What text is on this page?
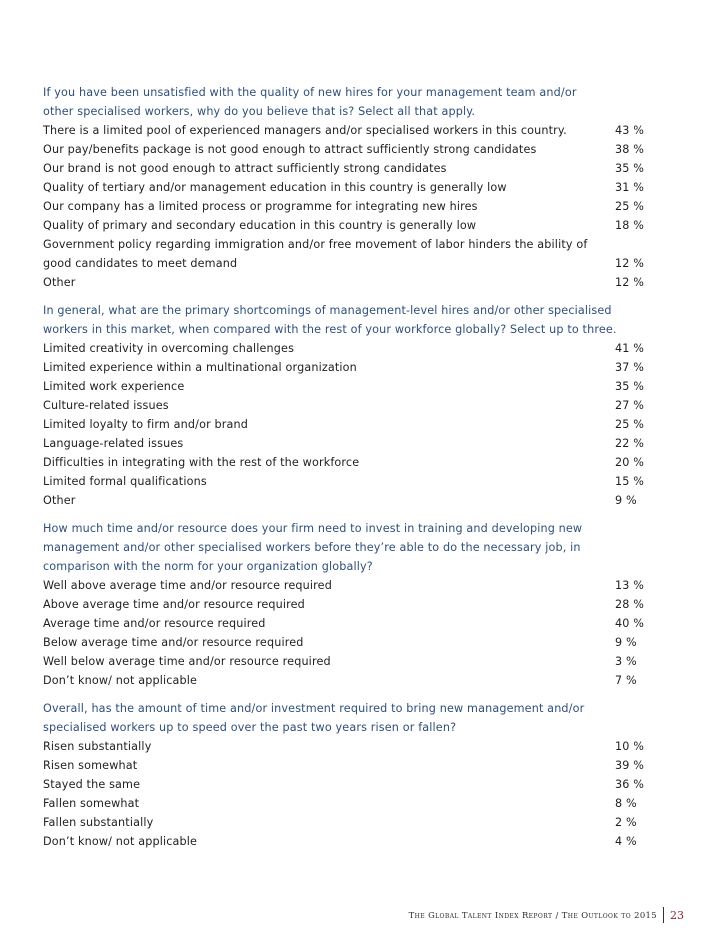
If you have been unsatisfied with the quality of new hires for your management team and/or
other specialised workers, why do you believe that is? Select all that apply.
There is a limited pool of experienced managers and/or specialised workers in this country.	43 %
Our pay/benefits package is not good enough to attract sufficiently strong candidates	38 %
Our brand is not good enough to attract sufficiently strong candidates	35 %
Quality of tertiary and/or management education in this country is generally low	31 %
Our company has a limited process or programme for integrating new hires	25 %
Quality of primary and secondary education in this country is generally low	18 %
Government policy regarding immigration and/or free movement of labor hinders the ability of
good candidates to meet demand	12 %
Other	12 %
In general, what are the primary shortcomings of management-level hires and/or other specialised
workers in this market, when compared with the rest of your workforce globally? Select up to three.
Limited creativity in overcoming challenges	41 %
Limited experience within a multinational organization	37 %
Limited work experience	35 %
Culture-related issues	27 %
Limited loyalty to firm and/or brand	25 %
Language-related issues	22 %
Difficulties in integrating with the rest of the workforce	20 %
Limited formal qualifications	15 %
Other	9 %
How much time and/or resource does your firm need to invest in training and developing new
management and/or other specialised workers before they’re able to do the necessary job, in
comparison with the norm for your organization globally?
Well above average time and/or resource required	13 %
Above average time and/or resource required	28 %
Average time and/or resource required	40 %
Below average time and/or resource required	9 %
Well below average time and/or resource required	3 %
Don’t know/ not applicable	7 %
Overall, has the amount of time and/or investment required to bring new management and/or
specialised workers up to speed over the past two years risen or fallen?
Risen substantially	10 %
Risen somewhat	39 %
Stayed the same	36 %
Fallen somewhat	8 %
Fallen substantially	2 %
Don’t know/ not applicable	4 %
The Global Talent Index Report / The Outlook to 2015 23
